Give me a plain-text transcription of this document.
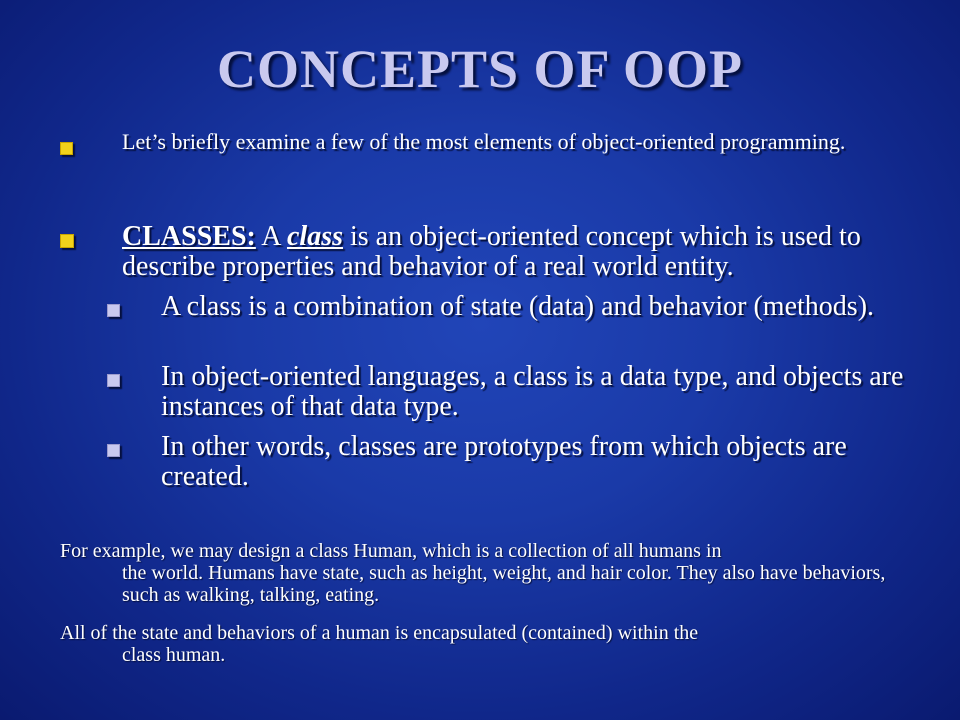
CONCEPTS OF OOP
Let’s briefly examine a few of the most elements of object-oriented programming.
CLASSES: A class is an object-oriented concept which is used to describe properties and behavior of a real world entity.
A class is a combination of state (data) and behavior (methods).
In object-oriented languages, a class is a data type, and objects are instances of that data type.
In other words, classes are prototypes from which objects are created.
For example, we may design a class Human, which is a collection of all humans in
the world. Humans have state, such as height, weight, and hair color. They also have behaviors, such as walking, talking, eating.
All of the state and behaviors of a human is encapsulated (contained) within the
class human.
